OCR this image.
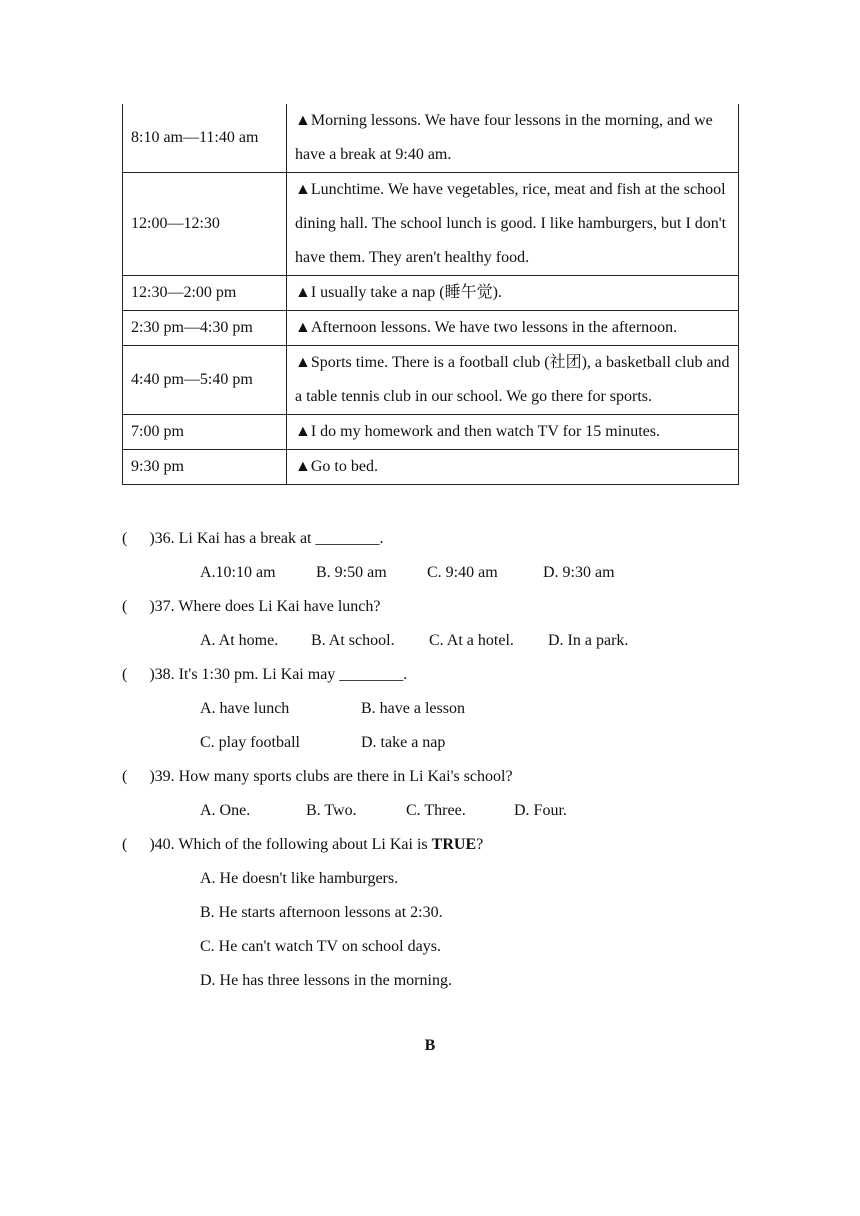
8:10 am—11:40 am	▲Morning lessons. We have four lessons in the morning, and we have a break at 9:40 am.
12:00—12:30	▲Lunchtime. We have vegetables, rice, meat and fish at the school dining hall. The school lunch is good. I like hamburgers, but I don't have them. They aren't healthy food.
12:30—2:00 pm	▲I usually take a nap (睡午觉).
2:30 pm—4:30 pm	▲Afternoon lessons. We have two lessons in the afternoon.
4:40 pm—5:40 pm	▲Sports time. There is a football club (社团), a basketball club and a table tennis club in our school. We go there for sports.
7:00 pm	▲I do my homework and then watch TV for 15 minutes.
9:30 pm	▲Go to bed.
( )36. Li Kai has a break at ________.
A.10:10 am	B. 9:50 am	C. 9:40 am	D. 9:30 am
( )37. Where does Li Kai have lunch?
A. At home. B. At school. C. At a hotel. D. In a park.
( )38. It's 1:30 pm. Li Kai may ________.
A. have lunch	B. have a lesson
C. play football	D. take a nap
( )39. How many sports clubs are there in Li Kai's school?
A. One.	B. Two.	C. Three.	D. Four.
( )40. Which of the following about Li Kai is TRUE?
A. He doesn't like hamburgers.
B. He starts afternoon lessons at 2:30.
C. He can't watch TV on school days.
D. He has three lessons in the morning.
B
